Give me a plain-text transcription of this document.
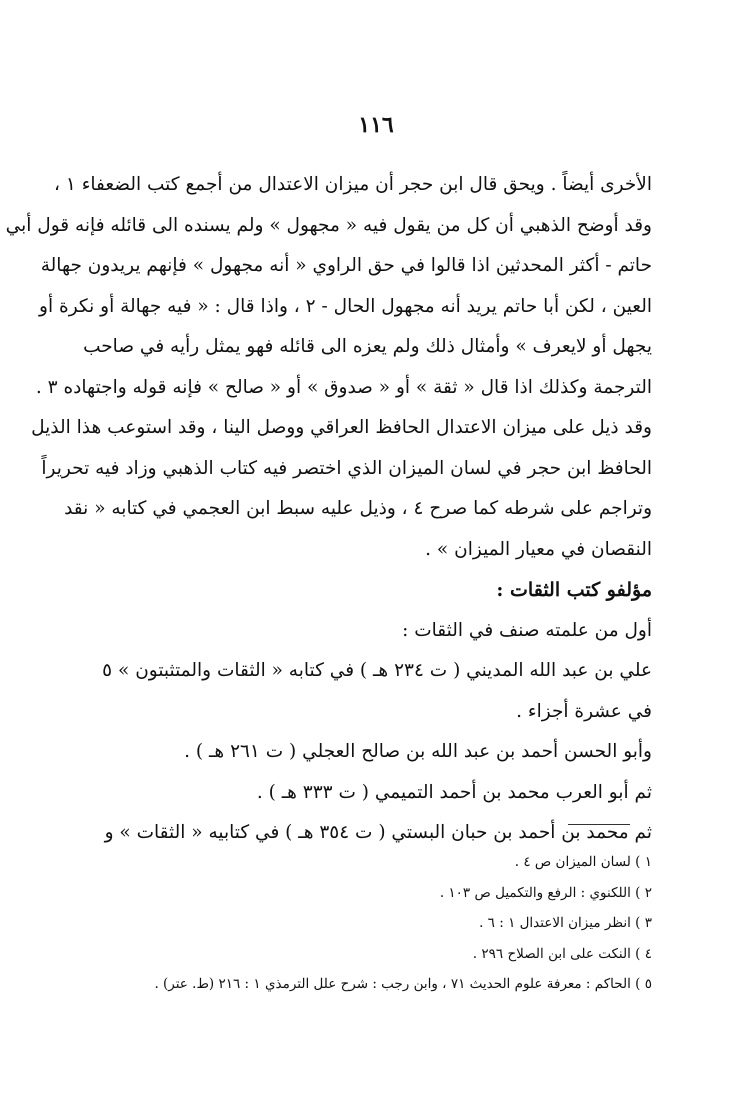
١١٦
الأخرى أيضاً . ويحق قال ابن حجر أن ميزان الاعتدال من أجمع كتب الضعفاء ١ ،
وقد أوضح الذهبي أن كل من يقول فيه « مجهول » ولم يسنده الى قائله فإنه قول أبي
حاتم - أكثر المحدثين اذا قالوا في حق الراوي « أنه مجهول » فإنهم يريدون جهالة
العين ، لكن أبا حاتم يريد أنه مجهول الحال - ٢ ، واذا قال : « فيه جهالة أو نكرة أو
يجهل أو لايعرف » وأمثال ذلك ولم يعزه الى قائله فهو يمثل رأيه في صاحب
الترجمة وكذلك اذا قال « ثقة » أو « صدوق » أو « صالح » فإنه قوله واجتهاده ٣ .
وقد ذيل على ميزان الاعتدال الحافظ العراقي ووصل الينا ، وقد استوعب هذا الذيل
الحافظ ابن حجر في لسان الميزان الذي اختصر فيه كتاب الذهبي وزاد فيه تحريراً
وتراجم على شرطه كما صرح ٤ ، وذيل عليه سبط ابن العجمي في كتابه « نقد
النقصان في معيار الميزان » .
مؤلفو كتب الثقات :
أول من علمته صنف في الثقات :
علي بن عبد الله المديني ( ت ٢٣٤ هـ ) في كتابه « الثقات والمتثبتون » ٥
في عشرة أجزاء .
وأبو الحسن أحمد بن عبد الله بن صالح العجلي ( ت ٢٦١ هـ ) .
ثم أبو العرب محمد بن أحمد التميمي ( ت ٣٣٣ هـ ) .
ثم محمد بن أحمد بن حبان البستي ( ت ٣٥٤ هـ ) في كتابيه « الثقات » و
١ ) لسان الميزان ص ٤ .
٢ ) اللكنوي : الرفع والتكميل ص ١٠٣ .
٣ ) انظر ميزان الاعتدال ١ : ٦ .
٤ ) النكت على ابن الصلاح ٢٩٦ .
٥ ) الحاكم : معرفة علوم الحديث ٧١ ، وابن رجب : شرح علل الترمذي ١ : ٢١٦ (ط. عتر) .
